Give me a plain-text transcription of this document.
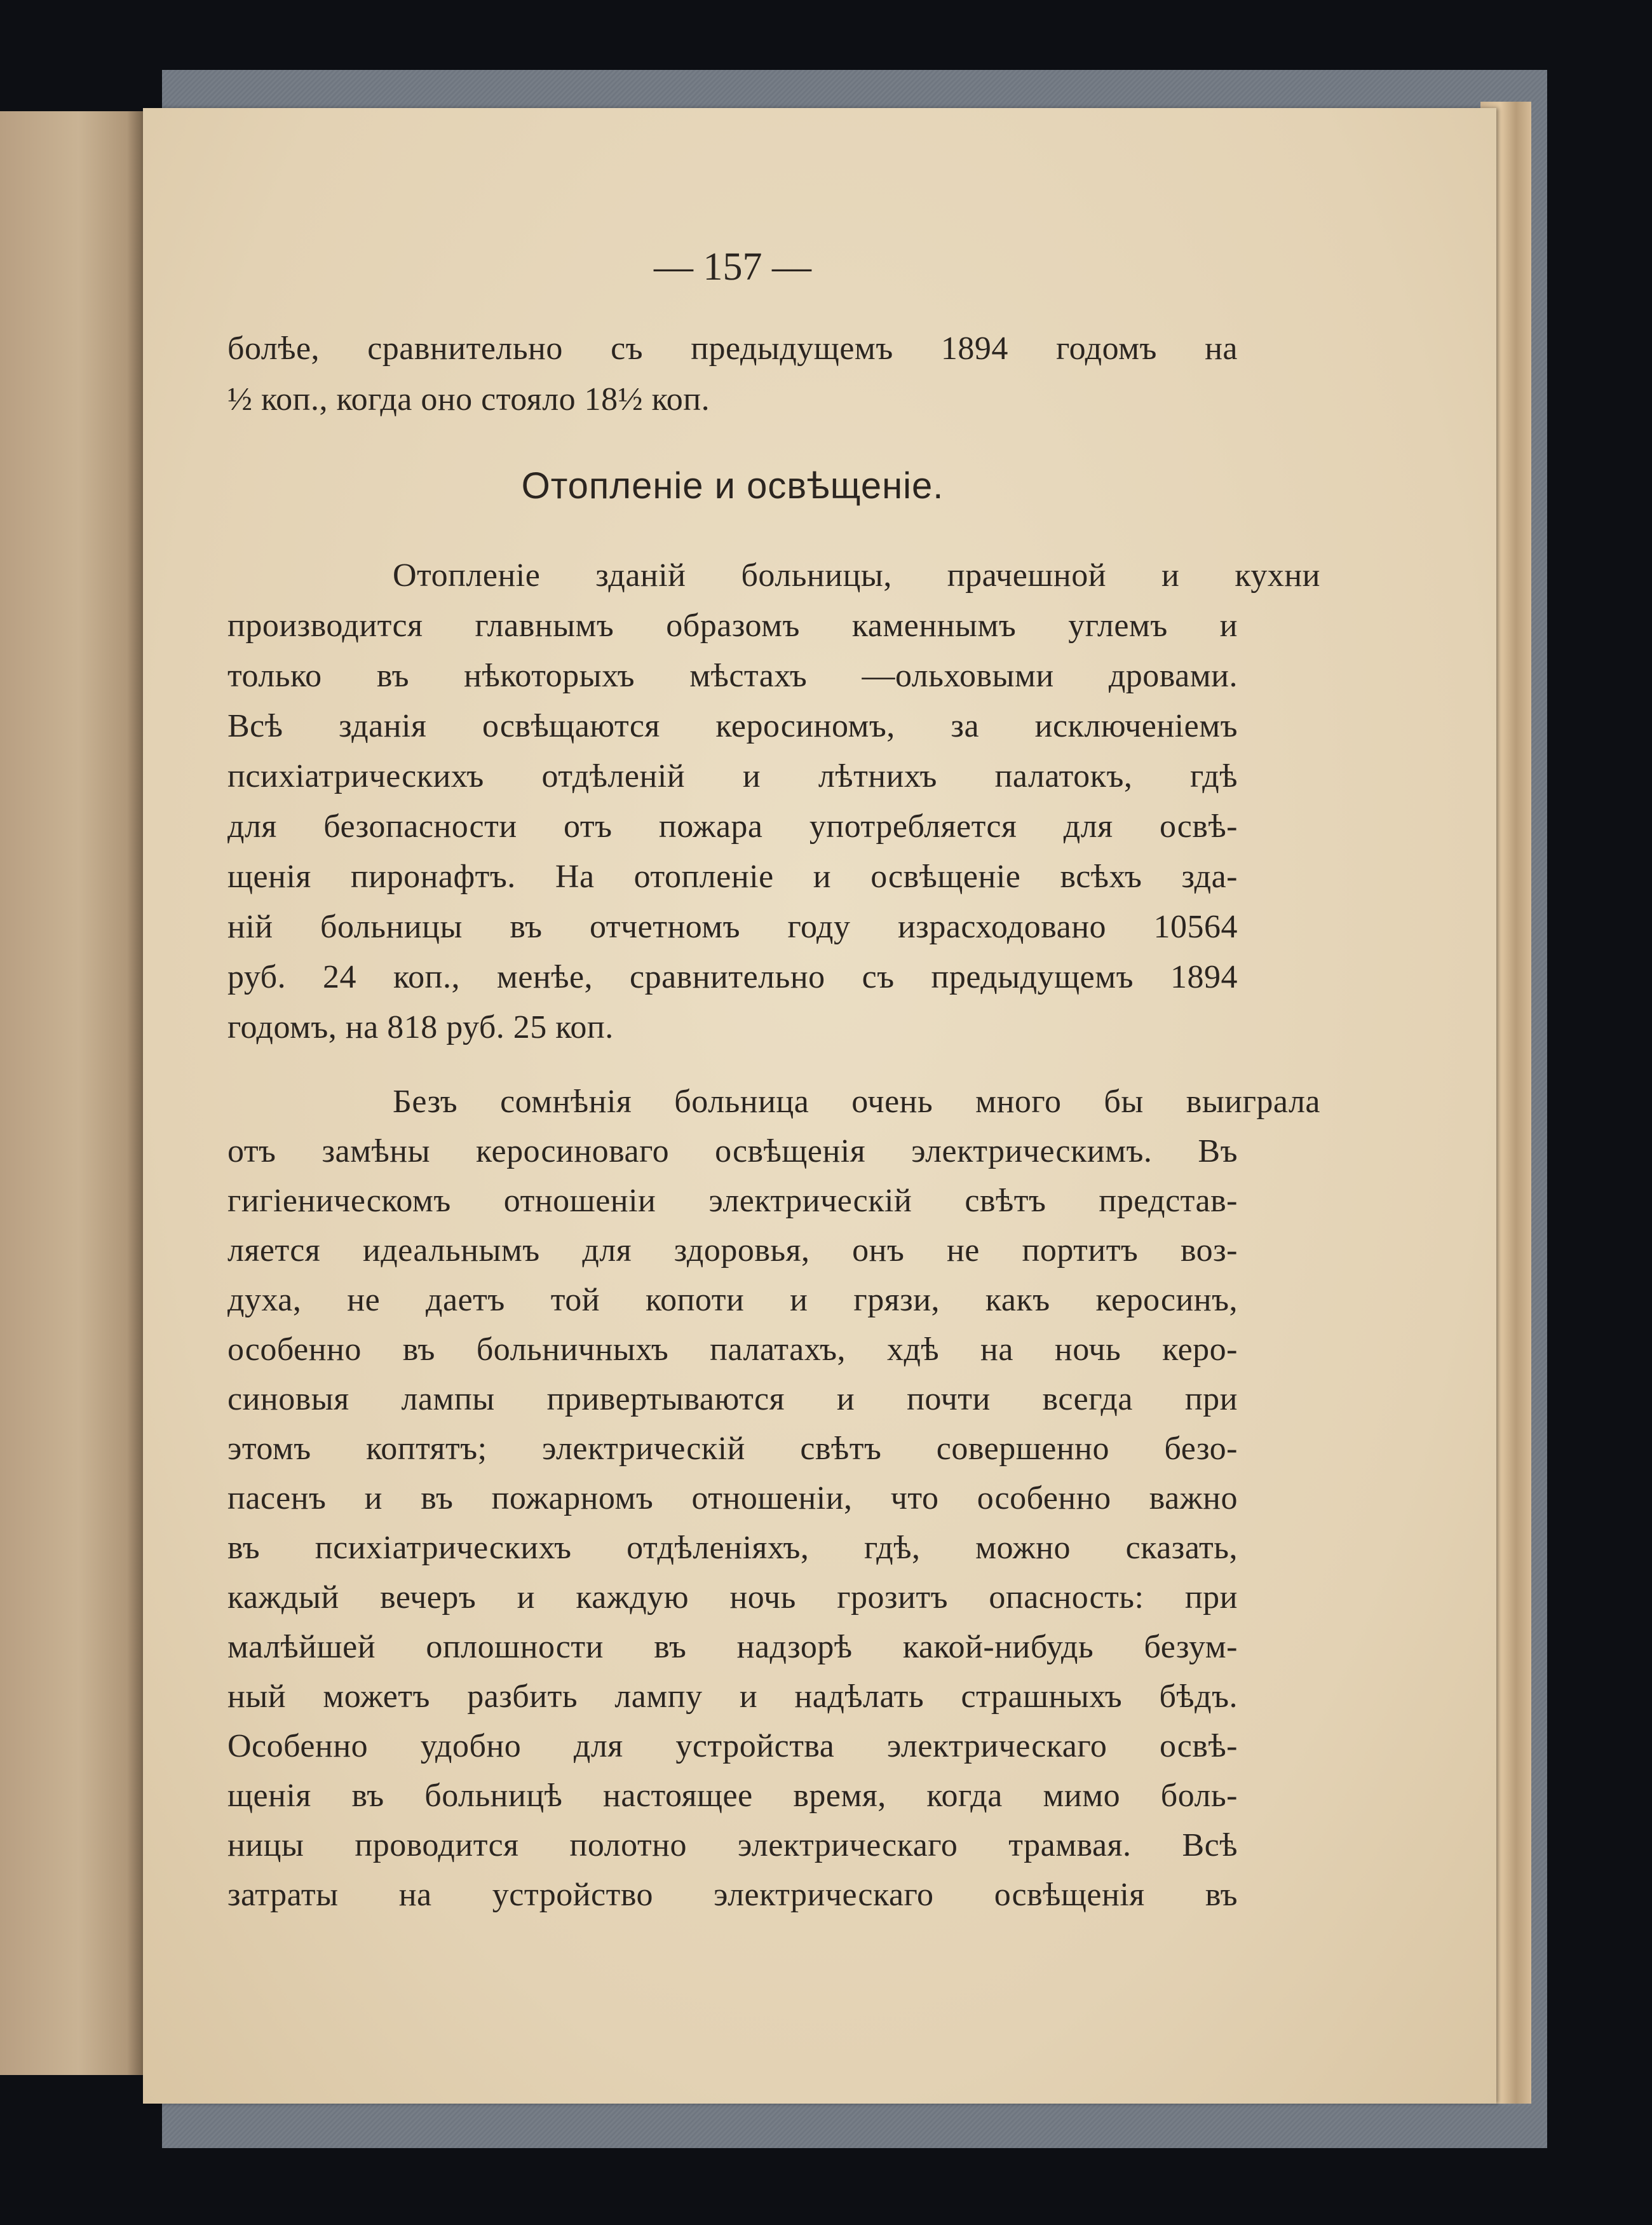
— 157 —
болѣе, сравнительно съ предыдущемъ 1894 годомъ на
½ коп., когда оно стояло 18½ коп.
Отопленіе и освѣщеніе.
Отопленіе зданій больницы, прачешной и кухни
производится главнымъ образомъ каменнымъ углемъ и
только въ нѣкоторыхъ мѣстахъ —ольховыми дровами.
Всѣ зданія освѣщаются керосиномъ, за исключеніемъ
психіатрическихъ отдѣленій и лѣтнихъ палатокъ, гдѣ
для безопасности отъ пожара употребляется для освѣ-
щенія пиронафтъ. На отопленіе и освѣщеніе всѣхъ зда-
ній больницы въ отчетномъ году израсходовано 10564
руб. 24 коп., менѣе, сравнительно съ предыдущемъ 1894
годомъ, на 818 руб. 25 коп.
Безъ сомнѣнія больница очень много бы выиграла
отъ замѣны керосиноваго освѣщенія электрическимъ. Въ
гигіеническомъ отношеніи электрическій свѣтъ представ-
ляется идеальнымъ для здоровья, онъ не портитъ воз-
духа, не даетъ той копоти и грязи, какъ керосинъ,
особенно въ больничныхъ палатахъ, хдѣ на ночь керо-
синовыя лампы привертываются и почти всегда при
этомъ коптятъ; электрическій свѣтъ совершенно безо-
пасенъ и въ пожарномъ отношеніи, что особенно важно
въ психіатрическихъ отдѣленіяхъ, гдѣ, можно сказать,
каждый вечеръ и каждую ночь грозитъ опасность: при
малѣйшей оплошности въ надзорѣ какой-нибудь безум-
ный можетъ разбить лампу и надѣлать страшныхъ бѣдъ.
Особенно удобно для устройства электрическаго освѣ-
щенія въ больницѣ настоящее время, когда мимо боль-
ницы проводится полотно электрическаго трамвая. Всѣ
затраты на устройство электрическаго освѣщенія въ
